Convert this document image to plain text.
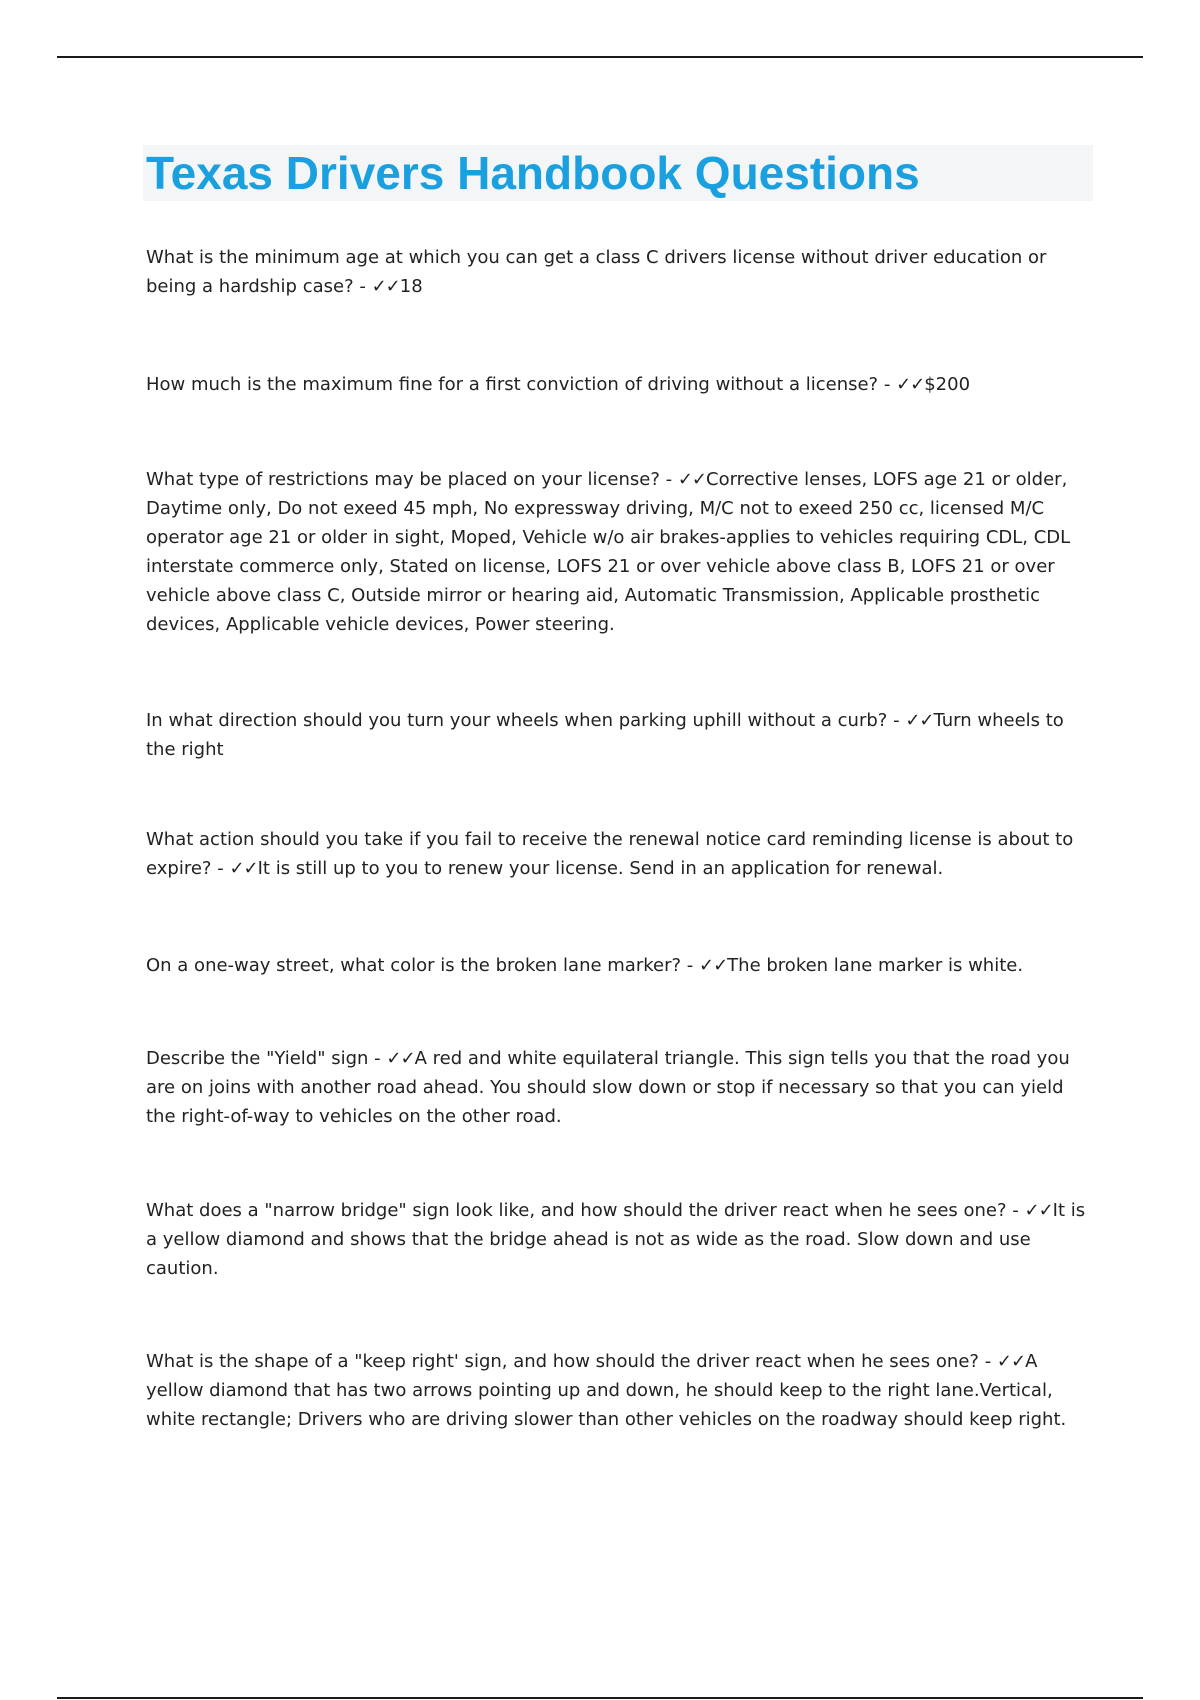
Texas Drivers Handbook Questions

What is the minimum age at which you can get a class C drivers license without driver education or being a hardship case? - ✓✓18

How much is the maximum fine for a first conviction of driving without a license? - ✓✓$200

What type of restrictions may be placed on your license? - ✓✓Corrective lenses, LOFS age 21 or older, Daytime only, Do not exeed 45 mph, No expressway driving, M/C not to exeed 250 cc, licensed M/C operator age 21 or older in sight, Moped, Vehicle w/o air brakes-applies to vehicles requiring CDL, CDL interstate commerce only, Stated on license, LOFS 21 or over vehicle above class B, LOFS 21 or over vehicle above class C, Outside mirror or hearing aid, Automatic Transmission, Applicable prosthetic devices, Applicable vehicle devices, Power steering.

In what direction should you turn your wheels when parking uphill without a curb? - ✓✓Turn wheels to the right

What action should you take if you fail to receive the renewal notice card reminding license is about to expire? - ✓✓It is still up to you to renew your license. Send in an application for renewal.

On a one-way street, what color is the broken lane marker? - ✓✓The broken lane marker is white.

Describe the "Yield" sign - ✓✓A red and white equilateral triangle. This sign tells you that the road you are on joins with another road ahead. You should slow down or stop if necessary so that you can yield the right-of-way to vehicles on the other road.

What does a "narrow bridge" sign look like, and how should the driver react when he sees one? - ✓✓It is a yellow diamond and shows that the bridge ahead is not as wide as the road. Slow down and use caution.

What is the shape of a "keep right' sign, and how should the driver react when he sees one? - ✓✓A yellow diamond that has two arrows pointing up and down, he should keep to the right lane.Vertical, white rectangle; Drivers who are driving slower than other vehicles on the roadway should keep right.
